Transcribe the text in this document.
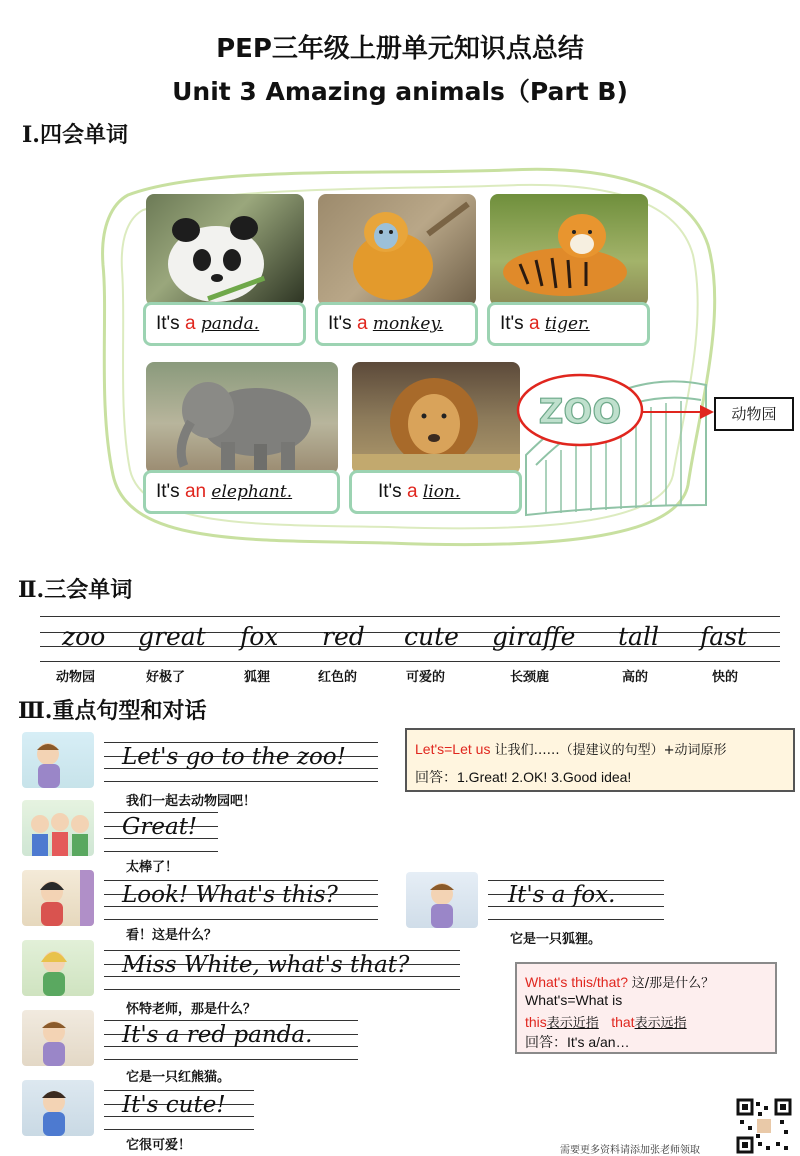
PEP三年级上册单元知识点总结
Unit 3 Amazing animals（Part B)
Ⅰ.四会单词
It's a panda.	It's a monkey.	It's a tiger.
It's an elephant.	It's a lion.
ZOO	动物园
Ⅱ.三会单词
zoo great fox red cute giraffe tall fast
动物园	好极了	狐狸	红色的	可爱的	长颈鹿	高的	快的
Ⅲ.重点句型和对话
Let's go to the zoo!
我们一起去动物园吧！
Great!
太棒了！
Look! What's this?
看！这是什么？
It's a fox.
它是一只狐狸。
Miss White, what's that?
怀特老师，那是什么？
It's a red panda.
它是一只红熊猫。
It's cute!
它很可爱！
Let's=Let us 让我们……（提建议的句型）+动词原形
回答：1.Great! 2.OK! 3.Good idea!
What's this/that? 这/那是什么？
What's=What is
this表示近指 that表示远指
回答：It's a/an…
需要更多资料请添加张老师领取
